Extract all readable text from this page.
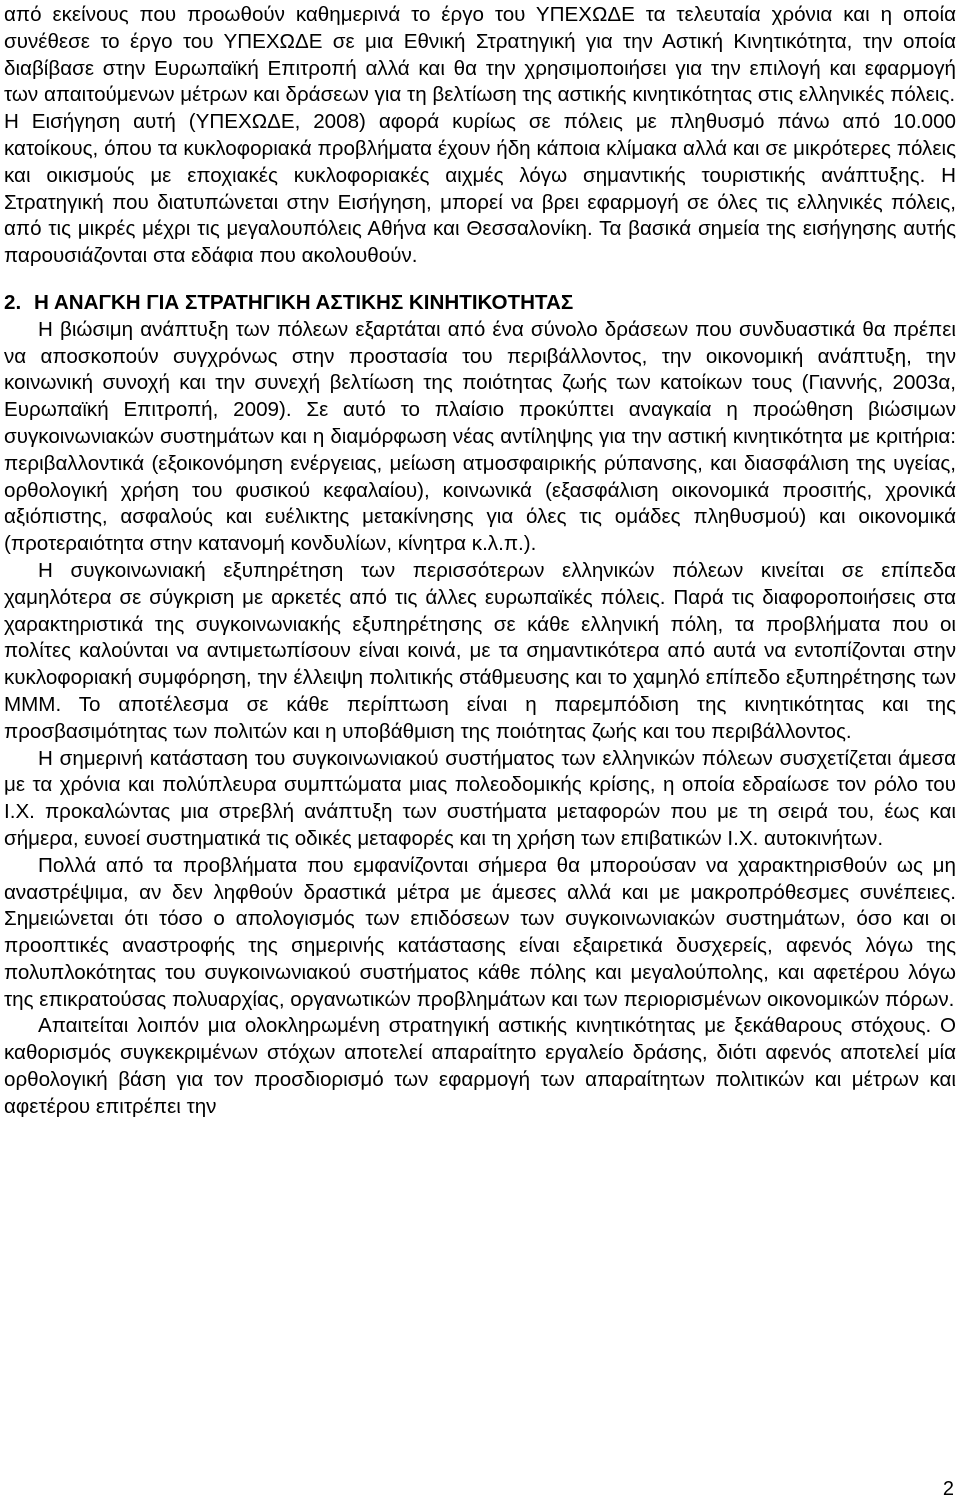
από εκείνους που προωθούν καθημερινά το έργο του ΥΠΕΧΩΔΕ τα τελευταία χρόνια και η οποία συνέθεσε το έργο του ΥΠΕΧΩΔΕ σε μια Εθνική Στρατηγική για την Αστική Κινητικότητα, την οποία διαβίβασε στην Ευρωπαϊκή Επιτροπή αλλά και θα την χρησιμοποιήσει για την επιλογή και εφαρμογή των απαιτούμενων μέτρων και δράσεων για τη βελτίωση της αστικής κινητικότητας στις ελληνικές πόλεις.

Η Εισήγηση αυτή (ΥΠΕΧΩΔΕ, 2008) αφορά κυρίως σε πόλεις με πληθυσμό πάνω από 10.000 κατοίκους, όπου τα κυκλοφοριακά προβλήματα έχουν ήδη κάποια κλίμακα αλλά και σε μικρότερες πόλεις και οικισμούς με εποχιακές κυκλοφοριακές αιχμές λόγω σημαντικής τουριστικής ανάπτυξης. Η Στρατηγική που διατυπώνεται στην Εισήγηση, μπορεί να βρει εφαρμογή σε όλες τις ελληνικές πόλεις, από τις μικρές μέχρι τις μεγαλουπόλεις Αθήνα και Θεσσαλονίκη. Τα βασικά σημεία της εισήγησης αυτής παρουσιάζονται στα εδάφια που ακολουθούν.

2. Η ΑΝΑΓΚΗ ΓΙΑ ΣΤΡΑΤΗΓΙΚΗ ΑΣΤΙΚΗΣ ΚΙΝΗΤΙΚΟΤΗΤΑΣ

Η βιώσιμη ανάπτυξη των πόλεων εξαρτάται από ένα σύνολο δράσεων που συνδυαστικά θα πρέπει να αποσκοπούν συγχρόνως στην προστασία του περιβάλλοντος, την οικονομική ανάπτυξη, την κοινωνική συνοχή και την συνεχή βελτίωση της ποιότητας ζωής των κατοίκων τους (Γιαννής, 2003α, Ευρωπαϊκή Επιτροπή, 2009). Σε αυτό το πλαίσιο προκύπτει αναγκαία η προώθηση βιώσιμων συγκοινωνιακών συστημάτων και η διαμόρφωση νέας αντίληψης για την αστική κινητικότητα με κριτήρια: περιβαλλοντικά (εξοικονόμηση ενέργειας, μείωση ατμοσφαιρικής ρύπανσης, και διασφάλιση της υγείας, ορθολογική χρήση του φυσικού κεφαλαίου), κοινωνικά (εξασφάλιση οικονομικά προσιτής, χρονικά αξιόπιστης, ασφαλούς και ευέλικτης μετακίνησης για όλες τις ομάδες πληθυσμού) και οικονομικά (προτεραιότητα στην κατανομή κονδυλίων, κίνητρα κ.λ.π.).

Η συγκοινωνιακή εξυπηρέτηση των περισσότερων ελληνικών πόλεων κινείται σε επίπεδα χαμηλότερα σε σύγκριση με αρκετές από τις άλλες ευρωπαϊκές πόλεις. Παρά τις διαφοροποιήσεις στα χαρακτηριστικά της συγκοινωνιακής εξυπηρέτησης σε κάθε ελληνική πόλη, τα προβλήματα που οι πολίτες καλούνται να αντιμετωπίσουν είναι κοινά, με τα σημαντικότερα από αυτά να εντοπίζονται στην κυκλοφοριακή συμφόρηση, την έλλειψη πολιτικής στάθμευσης και το χαμηλό επίπεδο εξυπηρέτησης των ΜΜΜ. Το αποτέλεσμα σε κάθε περίπτωση είναι η παρεμπόδιση της κινητικότητας και της προσβασιμότητας των πολιτών και η υποβάθμιση της ποιότητας ζωής και του περιβάλλοντος.

Η σημερινή κατάσταση του συγκοινωνιακού συστήματος των ελληνικών πόλεων συσχετίζεται άμεσα με τα χρόνια και πολύπλευρα συμπτώματα μιας πολεοδομικής κρίσης, η οποία εδραίωσε τον ρόλο του Ι.Χ. προκαλώντας μια στρεβλή ανάπτυξη των συστήματα μεταφορών που με τη σειρά του, έως και σήμερα, ευνοεί συστηματικά τις οδικές μεταφορές και τη χρήση των επιβατικών Ι.Χ. αυτοκινήτων.

Πολλά από τα προβλήματα που εμφανίζονται σήμερα θα μπορούσαν να χαρακτηρισθούν ως μη αναστρέψιμα, αν δεν ληφθούν δραστικά μέτρα με άμεσες αλλά και με μακροπρόθεσμες συνέπειες. Σημειώνεται ότι τόσο ο απολογισμός των επιδόσεων των συγκοινωνιακών συστημάτων, όσο και οι προοπτικές αναστροφής της σημερινής κατάστασης είναι εξαιρετικά δυσχερείς, αφενός λόγω της πολυπλοκότητας του συγκοινωνιακού συστήματος κάθε πόλης και μεγαλούπολης, και αφετέρου λόγω της επικρατούσας πολυαρχίας, οργανωτικών προβλημάτων και των περιορισμένων οικονομικών πόρων.

Απαιτείται λοιπόν μια ολοκληρωμένη στρατηγική αστικής κινητικότητας με ξεκάθαρους στόχους. Ο καθορισμός συγκεκριμένων στόχων αποτελεί απαραίτητο εργαλείο δράσης, διότι αφενός αποτελεί μία ορθολογική βάση για τον προσδιορισμό των εφαρμογή των απαραίτητων πολιτικών και μέτρων και αφετέρου επιτρέπει την

2
